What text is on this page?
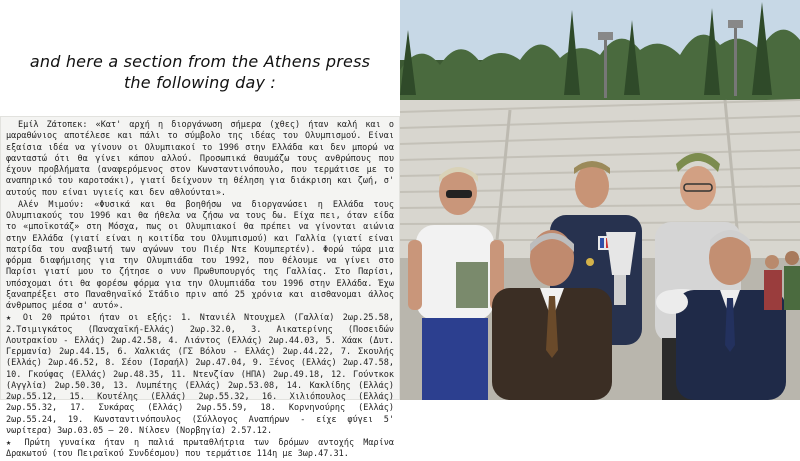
and here a section from the Athens press
the following day :

Εμίλ Ζάτοπεκ: «Κατ' αρχή η διοργάνωση σήμερα (χθες) ήταν καλή και ο μαραθώνιος αποτέλεσε και πάλι το σύμβολο της ιδέας του Ολυμπισμού. Είναι εξαίσια ιδέα να γίνουν οι Ολυμπιακοί το 1996 στην Ελλάδα και δεν μπορώ να φανταστώ ότι θα γίνει κάπου αλλού. Προσωπικά θαυμάζω τους ανθρώπους που έχουν προβλήματα (αναφερόμενος στον Κωνσταντινόπουλο, που τερμάτισε με το αναπηρικό του καροτσάκι), γιατί δείχνουν τη θέληση για διάκριση και ζωή, σ' αυτούς που είναι υγιείς και δεν αθλούνται».

Αλέν Μιμούν: «Φυσικά και θα βοηθήσω να διοργανώσει η Ελλάδα τους Ολυμπιακούς του 1996 και θα ήθελα να ζήσω να τους δω. Είχα πει, όταν είδα το «μποϊκοτάζ» στη Μόσχα, πως οι Ολυμπιακοί θα πρέπει να γίνονται αιώνια στην Ελλάδα (γιατί είναι η κοιτίδα του Ολυμπισμού) και Γαλλία (γιατί είναι πατρίδα του αναβιωτή των αγώνων του Πιέρ Ντε Κουμπερτέν). Φορώ τώρα μια φόρμα διαφήμισης για την Ολυμπιάδα του 1992, που θέλουμε να γίνει στο Παρίσι γιατί μου το ζήτησε ο νυν Πρωθυπουργός της Γαλλίας. Στο Παρίσι, υπόσχομαι ότι θα φορέσω φόρμα για την Ολυμπιάδα του 1996 στην Ελλάδα. Έχω ξαναπρέξει στο Παναθηναϊκό Στάδιο πριν από 25 χρόνια και αισθανομαι άλλος άνθρωπος μέσα σ' αυτό».

★ Οι 20 πρώτοι ήταν οι εξής: 1. Ντανιέλ Ντουχμελ (Γαλλία) 2ωρ.25.58, 2.Τσιμιγκάτος (Παναχαϊκή-Ελλάς) 2ωρ.32.0, 3. Αικατερίνης (Ποσειδών Λουτρακίου - Ελλάς) 2ωρ.42.58, 4. Λιάντος (Ελλάς) 2ωρ.44.03, 5. Χάακ (Δυτ. Γερμανία) 2ωρ.44.15, 6. Χαλκιάς (ΓΣ Βόλου - Ελλάς) 2ωρ.44.22, 7. Σκουλής (Ελλάς) 2ωρ.46.52, 8. Σέου (Ισραήλ) 2ωρ.47.04, 9. Ξένος (Ελλάς) 2ωρ.47.58, 10. Γκούφας (Ελλάς) 2ωρ.48.35, 11. Ντενζίαν (ΗΠΑ) 2ωρ.49.18, 12. Γούντκοκ (Αγγλία) 2ωρ.50.30, 13. Λυμπέτης (Ελλάς) 2ωρ.53.08, 14. Κακλίδης (Ελλάς) 2ωρ.55.12, 15. Κουτέλης (Ελλάς) 2ωρ.55.32, 16. Χιλιόπουλος (Ελλάς) 2ωρ.55.32, 17. Συκάρας (Ελλάς) 2ωρ.55.59, 18. Κορνηνούρης (Ελλάς) 2ωρ.55.24, 19. Κωνσταντινόπουλος (Σύλλογος Αναπήρων - είχε φύγει 5' νωρίτερα) 3ωρ.03.05 – 20. Νίλσεν (Νορβηγία) 2.57.12.

★ Πρώτη γυναίκα ήταν η παλιά πρωταθλήτρια των δρόμων αντοχής Μαρίνα Δρακωτού (του Πειραϊκού Συνδέσμου) που τερμάτισε 114η με 3ωρ.47.31.
